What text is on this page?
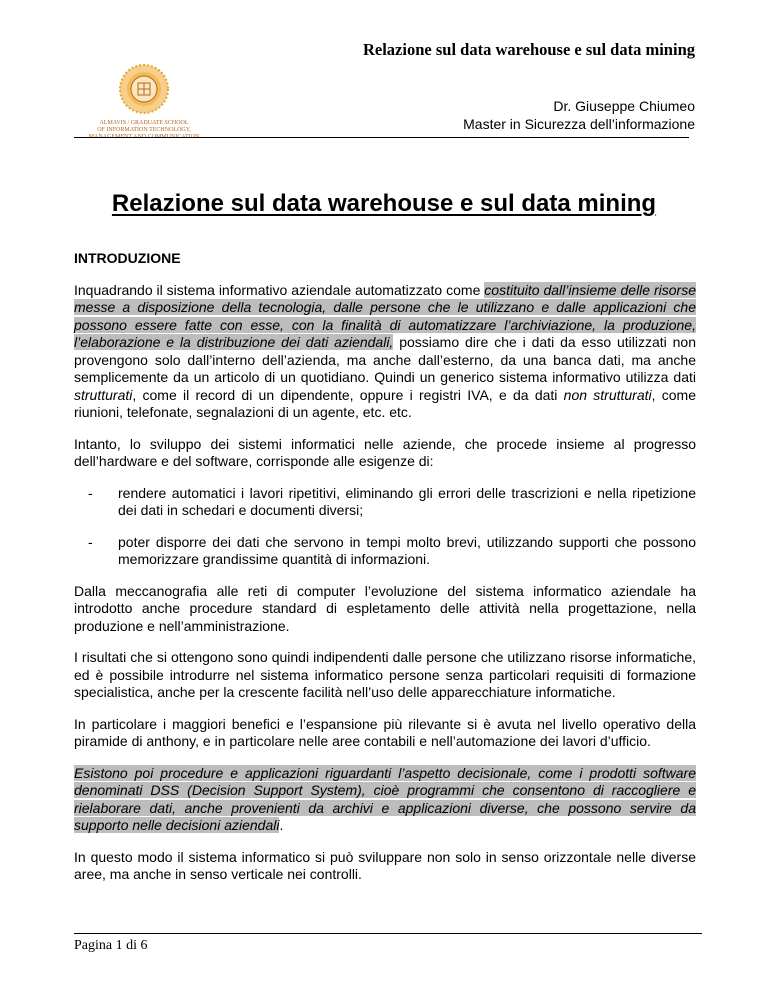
Relazione sul data warehouse e sul data mining
ALMAVIS / GRADUATE SCHOOL
OF INFORMATION TECHNOLOGY,
MANAGEMENT AND COMMUNICATION
Dr. Giuseppe Chiumeo
Master in Sicurezza dell’informazione
Relazione sul data warehouse e sul data mining
INTRODUZIONE

Inquadrando il sistema informativo aziendale automatizzato come costituito dall’insieme delle risorse messe a disposizione della tecnologia, dalle persone che le utilizzano e dalle applicazioni che possono essere fatte con esse, con la finalità di automatizzare l’archiviazione, la produzione, l’elaborazione e la distribuzione dei dati aziendali, possiamo dire che i dati da esso utilizzati non provengono solo dall’interno dell’azienda, ma anche dall’esterno, da una banca dati, ma anche semplicemente da un articolo di un quotidiano. Quindi un generico sistema informativo utilizza dati strutturati, come il record di un dipendente, oppure i registri IVA, e da dati non strutturati, come riunioni, telefonate, segnalazioni di un agente, etc. etc.

Intanto, lo sviluppo dei sistemi informatici nelle aziende, che procede insieme al progresso dell’hardware e del software, corrisponde alle esigenze di:

- rendere automatici i lavori ripetitivi, eliminando gli errori delle trascrizioni e nella ripetizione dei dati in schedari e documenti diversi;
- poter disporre dei dati che servono in tempi molto brevi, utilizzando supporti che possono memorizzare grandissime quantità di informazioni.

Dalla meccanografia alle reti di computer l’evoluzione del sistema informatico aziendale ha introdotto anche procedure standard di espletamento delle attività nella progettazione, nella produzione e nell’amministrazione.

I risultati che si ottengono sono quindi indipendenti dalle persone che utilizzano risorse informatiche, ed è possibile introdurre nel sistema informatico persone senza particolari requisiti di formazione specialistica, anche per la crescente facilità nell’uso delle apparecchiature informatiche.

In particolare i maggiori benefici e l’espansione più rilevante si è avuta nel livello operativo della piramide di anthony, e in particolare nelle aree contabili e nell’automazione dei lavori d’ufficio.

Esistono poi procedure e applicazioni riguardanti l’aspetto decisionale, come i prodotti software denominati DSS (Decision Support System), cioè programmi che consentono di raccogliere e rielaborare dati, anche provenienti da archivi e applicazioni diverse, che possono servire da supporto nelle decisioni aziendali.

In questo modo il sistema informatico si può sviluppare non solo in senso orizzontale nelle diverse aree, ma anche in senso verticale nei controlli.

Pagina 1 di 6
